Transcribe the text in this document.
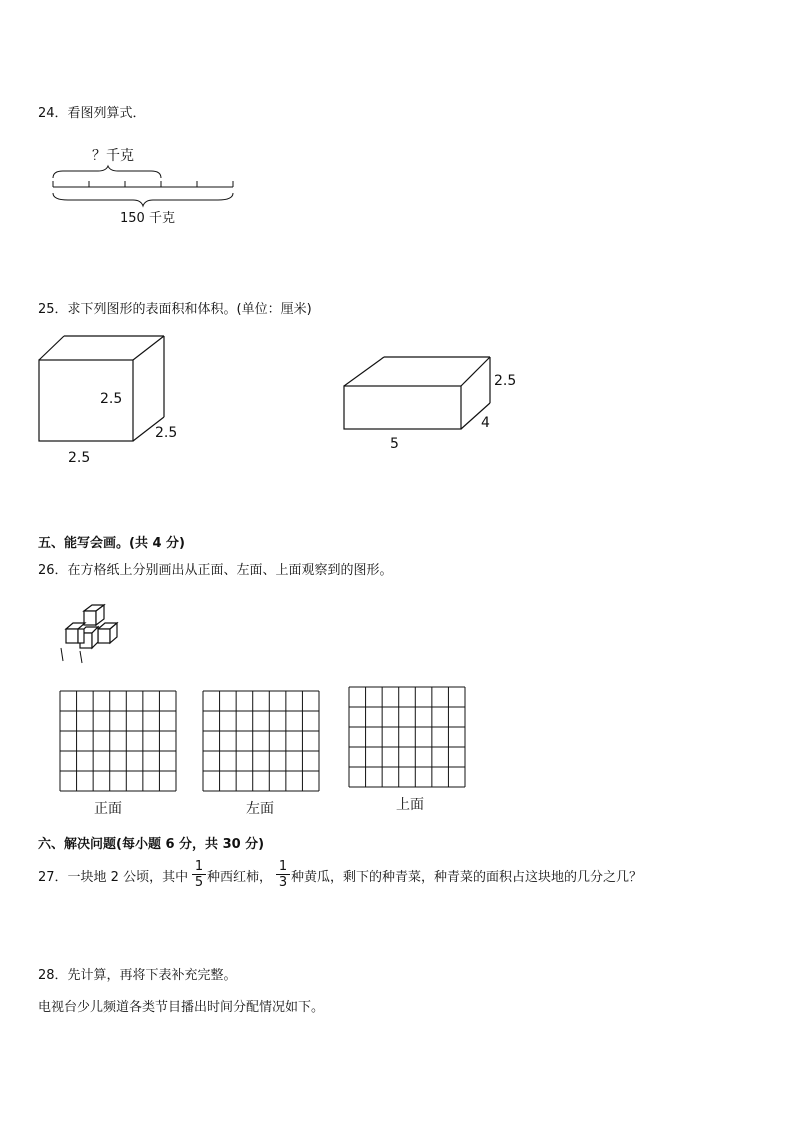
24．看图列算式．
？千克
150 千克
25．求下列图形的表面积和体积。(单位：厘米)
2.5
2.5
2.5
2.5
4
5
五、能写会画。(共 4 分)
26．在方格纸上分别画出从正面、左面、上面观察到的图形。
正面	左面	上面
六、解决问题(每小题 6 分，共 30 分)
27．一块地 2 公顷，其中
1
5 种西红柿，
1
3 种黄瓜，剩下的种青菜，种青菜的面积占这块地的几分之几？
28．先计算，再将下表补充完整。
电视台少儿频道各类节目播出时间分配情况如下。
